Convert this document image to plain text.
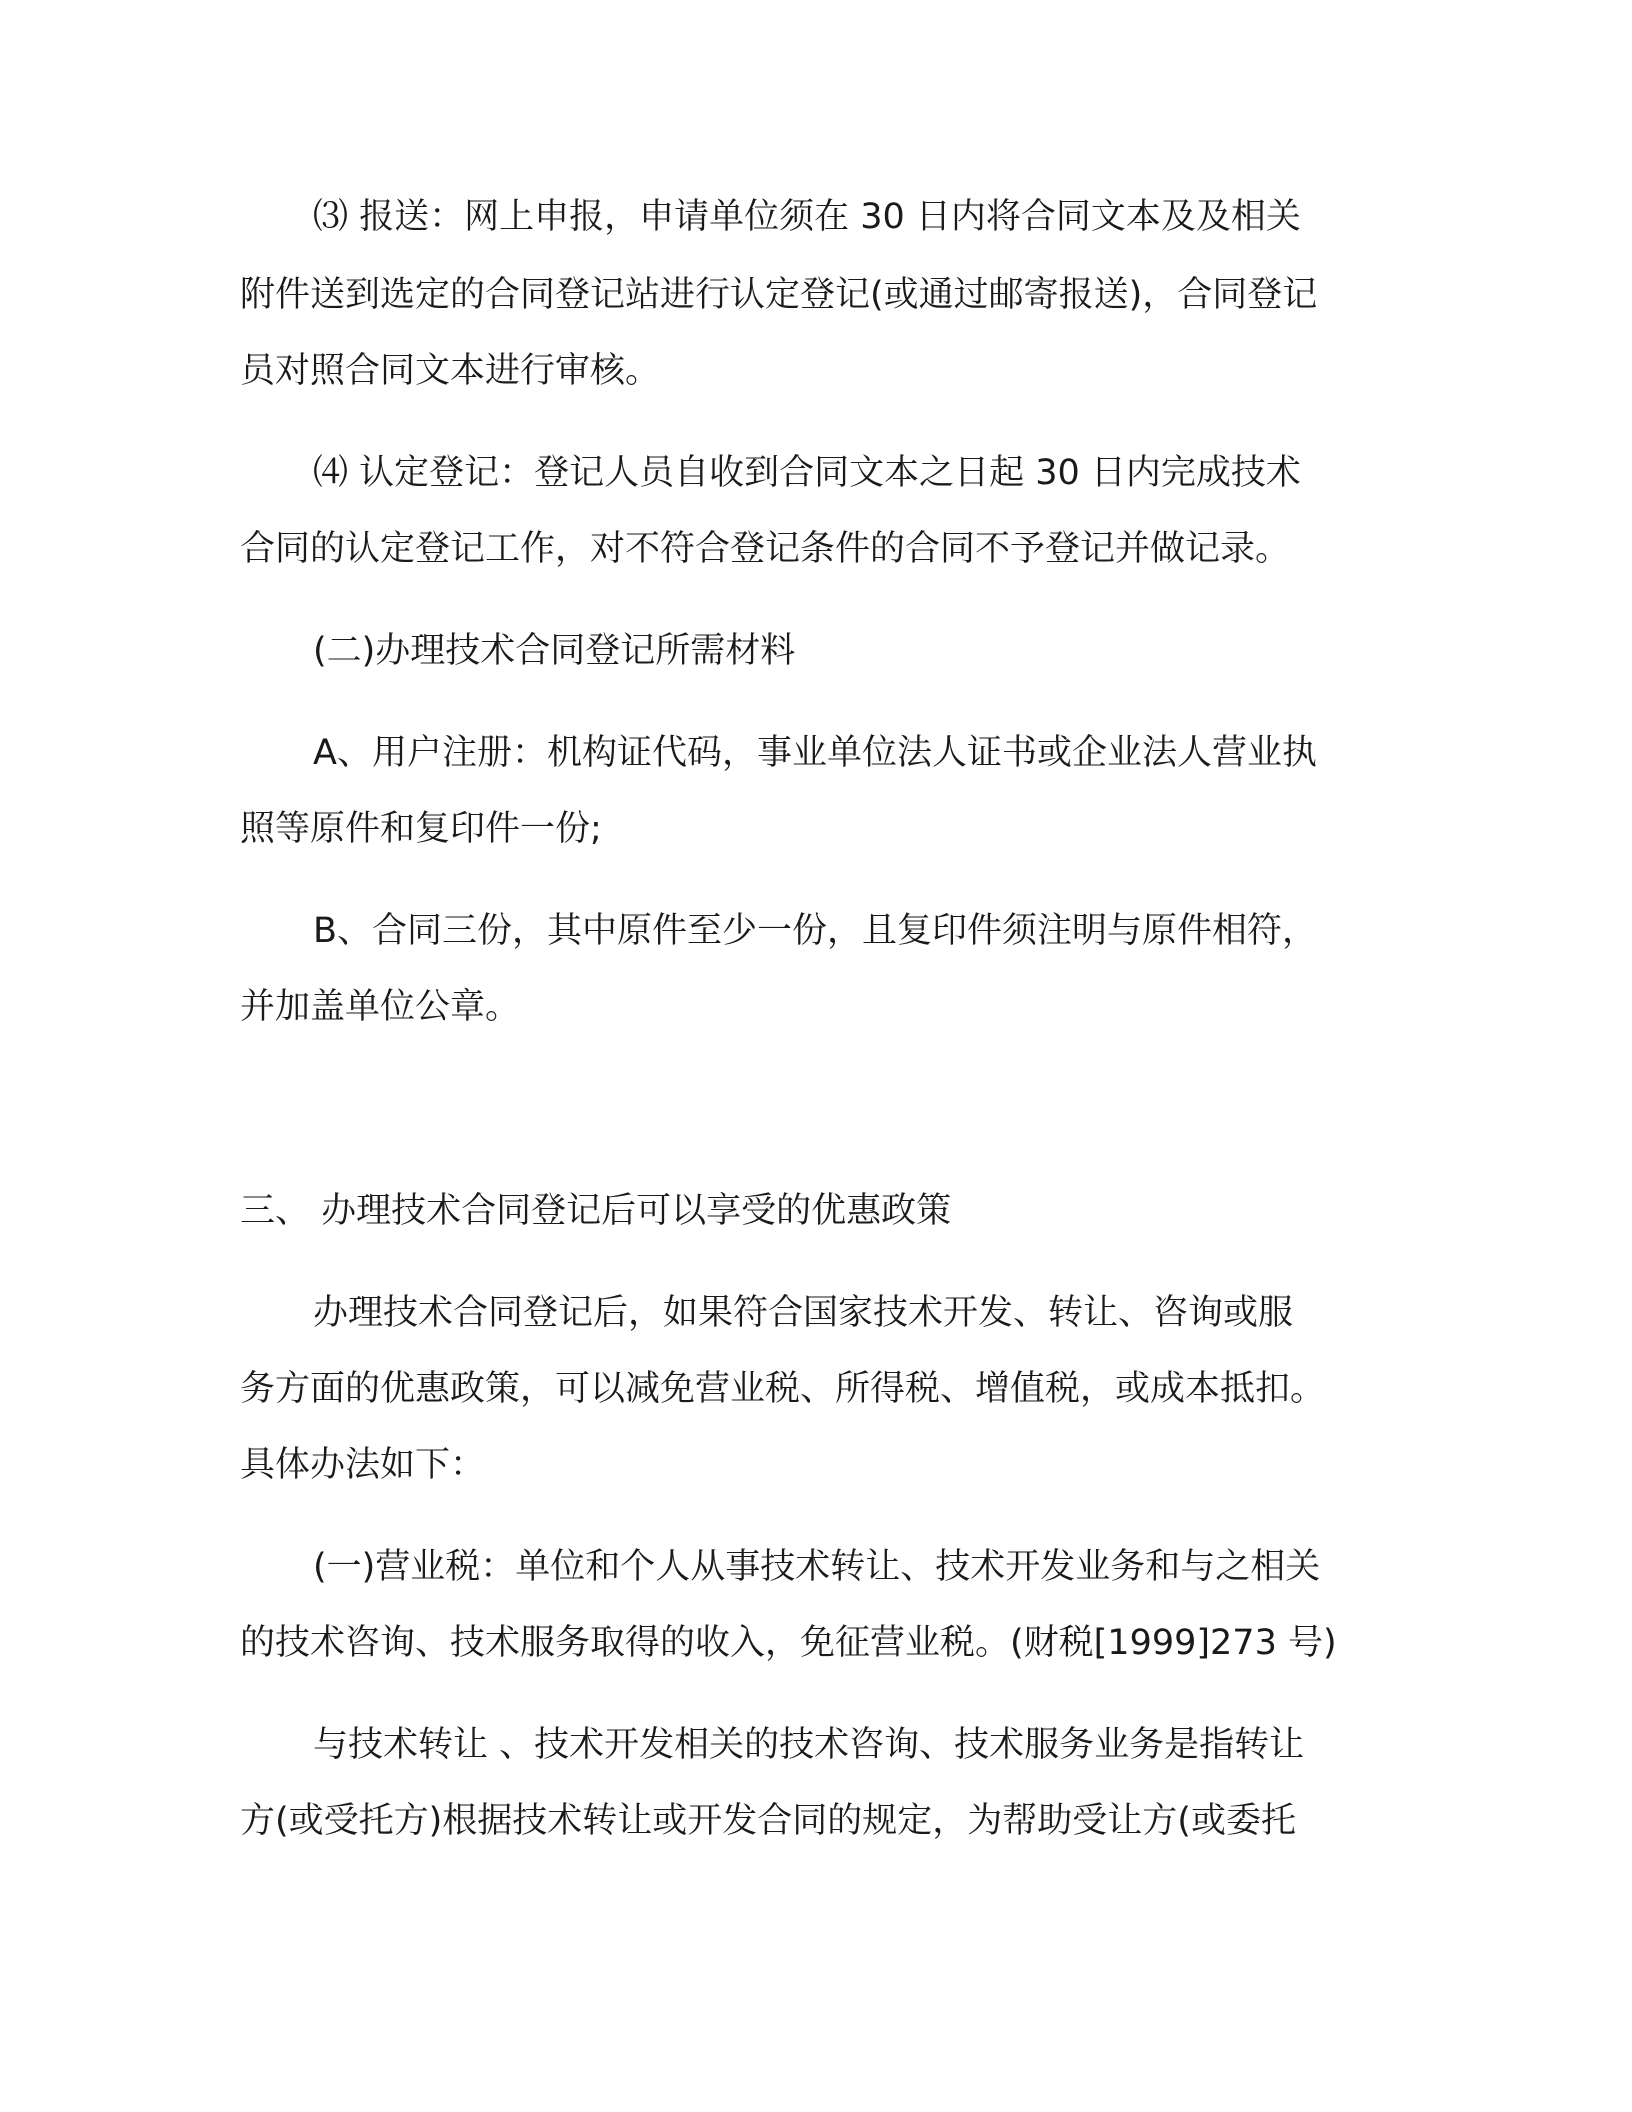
⑶ 报送：网上申报，申请单位须在 30 日内将合同文本及及相关
附件送到选定的合同登记站进行认定登记(或通过邮寄报送)，合同登记
员对照合同文本进行审核。
⑷ 认定登记：登记人员自收到合同文本之日起 30 日内完成技术
合同的认定登记工作，对不符合登记条件的合同不予登记并做记录。
(二)办理技术合同登记所需材料
A、用户注册：机构证代码，事业单位法人证书或企业法人营业执
照等原件和复印件一份;
B、合同三份，其中原件至少一份，且复印件须注明与原件相符，
并加盖单位公章。
三、 办理技术合同登记后可以享受的优惠政策
办理技术合同登记后，如果符合国家技术开发、转让、咨询或服
务方面的优惠政策，可以减免营业税、所得税、增值税，或成本抵扣。
具体办法如下：
(一)营业税：单位和个人从事技术转让、技术开发业务和与之相关
的技术咨询、技术服务取得的收入，免征营业税。(财税[1999]273 号)
与技术转让 、技术开发相关的技术咨询、技术服务业务是指转让
方(或受托方)根据技术转让或开发合同的规定，为帮助受让方(或委托
